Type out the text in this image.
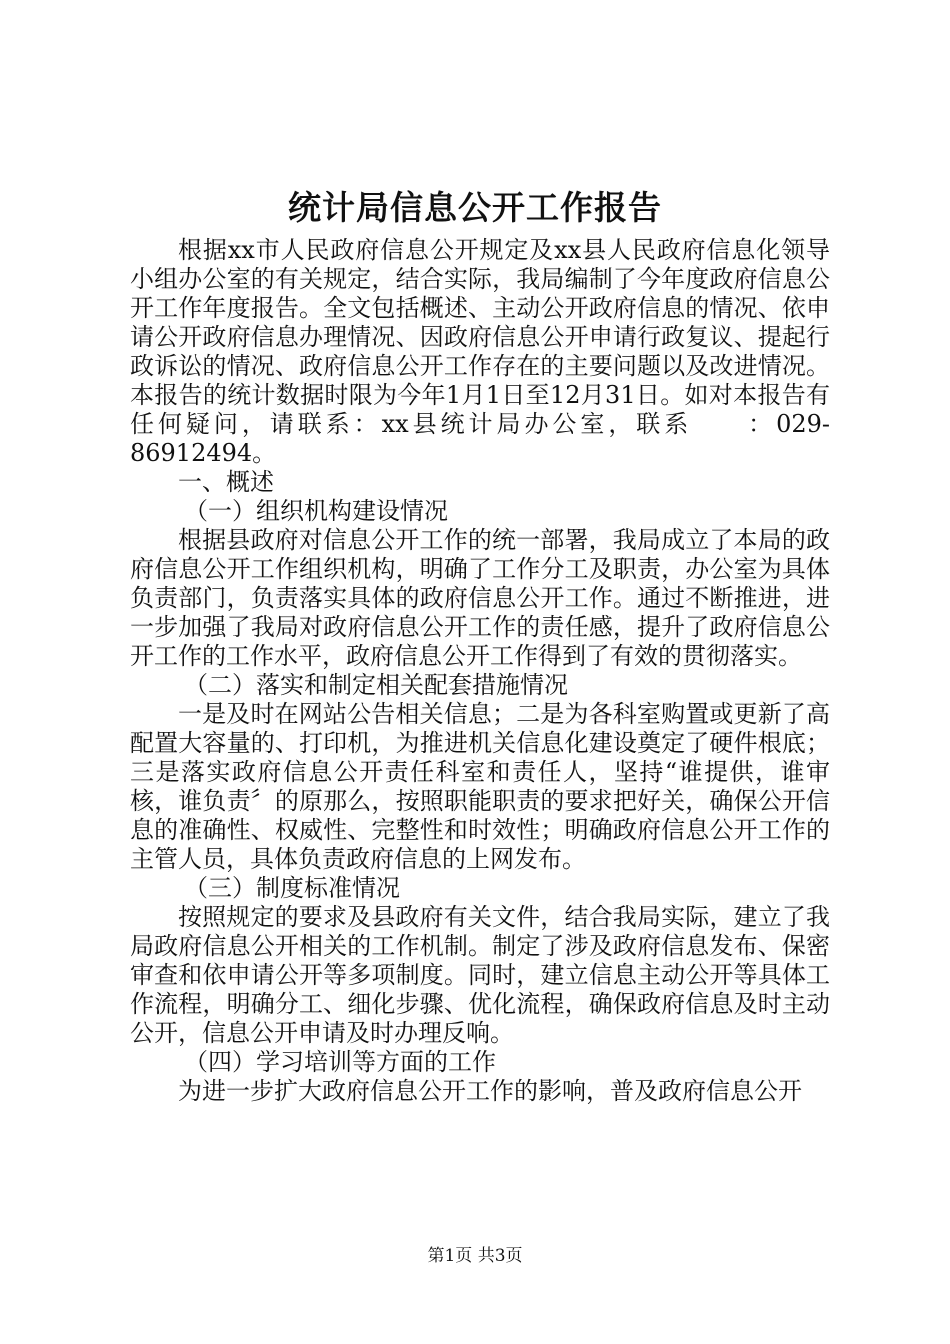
统计局信息公开工作报告

根据xx市人民政府信息公开规定及xx县人民政府信息化领导小组办公室的有关规定，结合实际，我局编制了今年度政府信息公开工作年度报告。全文包括概述、主动公开政府信息的情况、依申请公开政府信息办理情况、因政府信息公开申请行政复议、提起行政诉讼的情况、政府信息公开工作存在的主要问题以及改进情况。本报告的统计数据时限为今年1月1日至12月31日。如对本报告有任何疑问，请联系：xx县统计局办公室，联系　　：029-86912494。

一、概述

（一）组织机构建设情况

根据县政府对信息公开工作的统一部署，我局成立了本局的政府信息公开工作组织机构，明确了工作分工及职责，办公室为具体负责部门，负责落实具体的政府信息公开工作。通过不断推进，进一步加强了我局对政府信息公开工作的责任感，提升了政府信息公开工作的工作水平，政府信息公开工作得到了有效的贯彻落实。

（二）落实和制定相关配套措施情况

一是及时在网站公告相关信息；二是为各科室购置或更新了高配置大容量的、打印机，为推进机关信息化建设奠定了硬件根底；三是落实政府信息公开责任科室和责任人，坚持“谁提供，谁审核，谁负责〞的原那么，按照职能职责的要求把好关，确保公开信息的准确性、权威性、完整性和时效性；明确政府信息公开工作的主管人员，具体负责政府信息的上网发布。

（三）制度标准情况

按照规定的要求及县政府有关文件，结合我局实际，建立了我局政府信息公开相关的工作机制。制定了涉及政府信息发布、保密审查和依申请公开等多项制度。同时，建立信息主动公开等具体工作流程，明确分工、细化步骤、优化流程，确保政府信息及时主动公开，信息公开申请及时办理反响。

（四）学习培训等方面的工作

为进一步扩大政府信息公开工作的影响，普及政府信息公开

第1页 共3页
